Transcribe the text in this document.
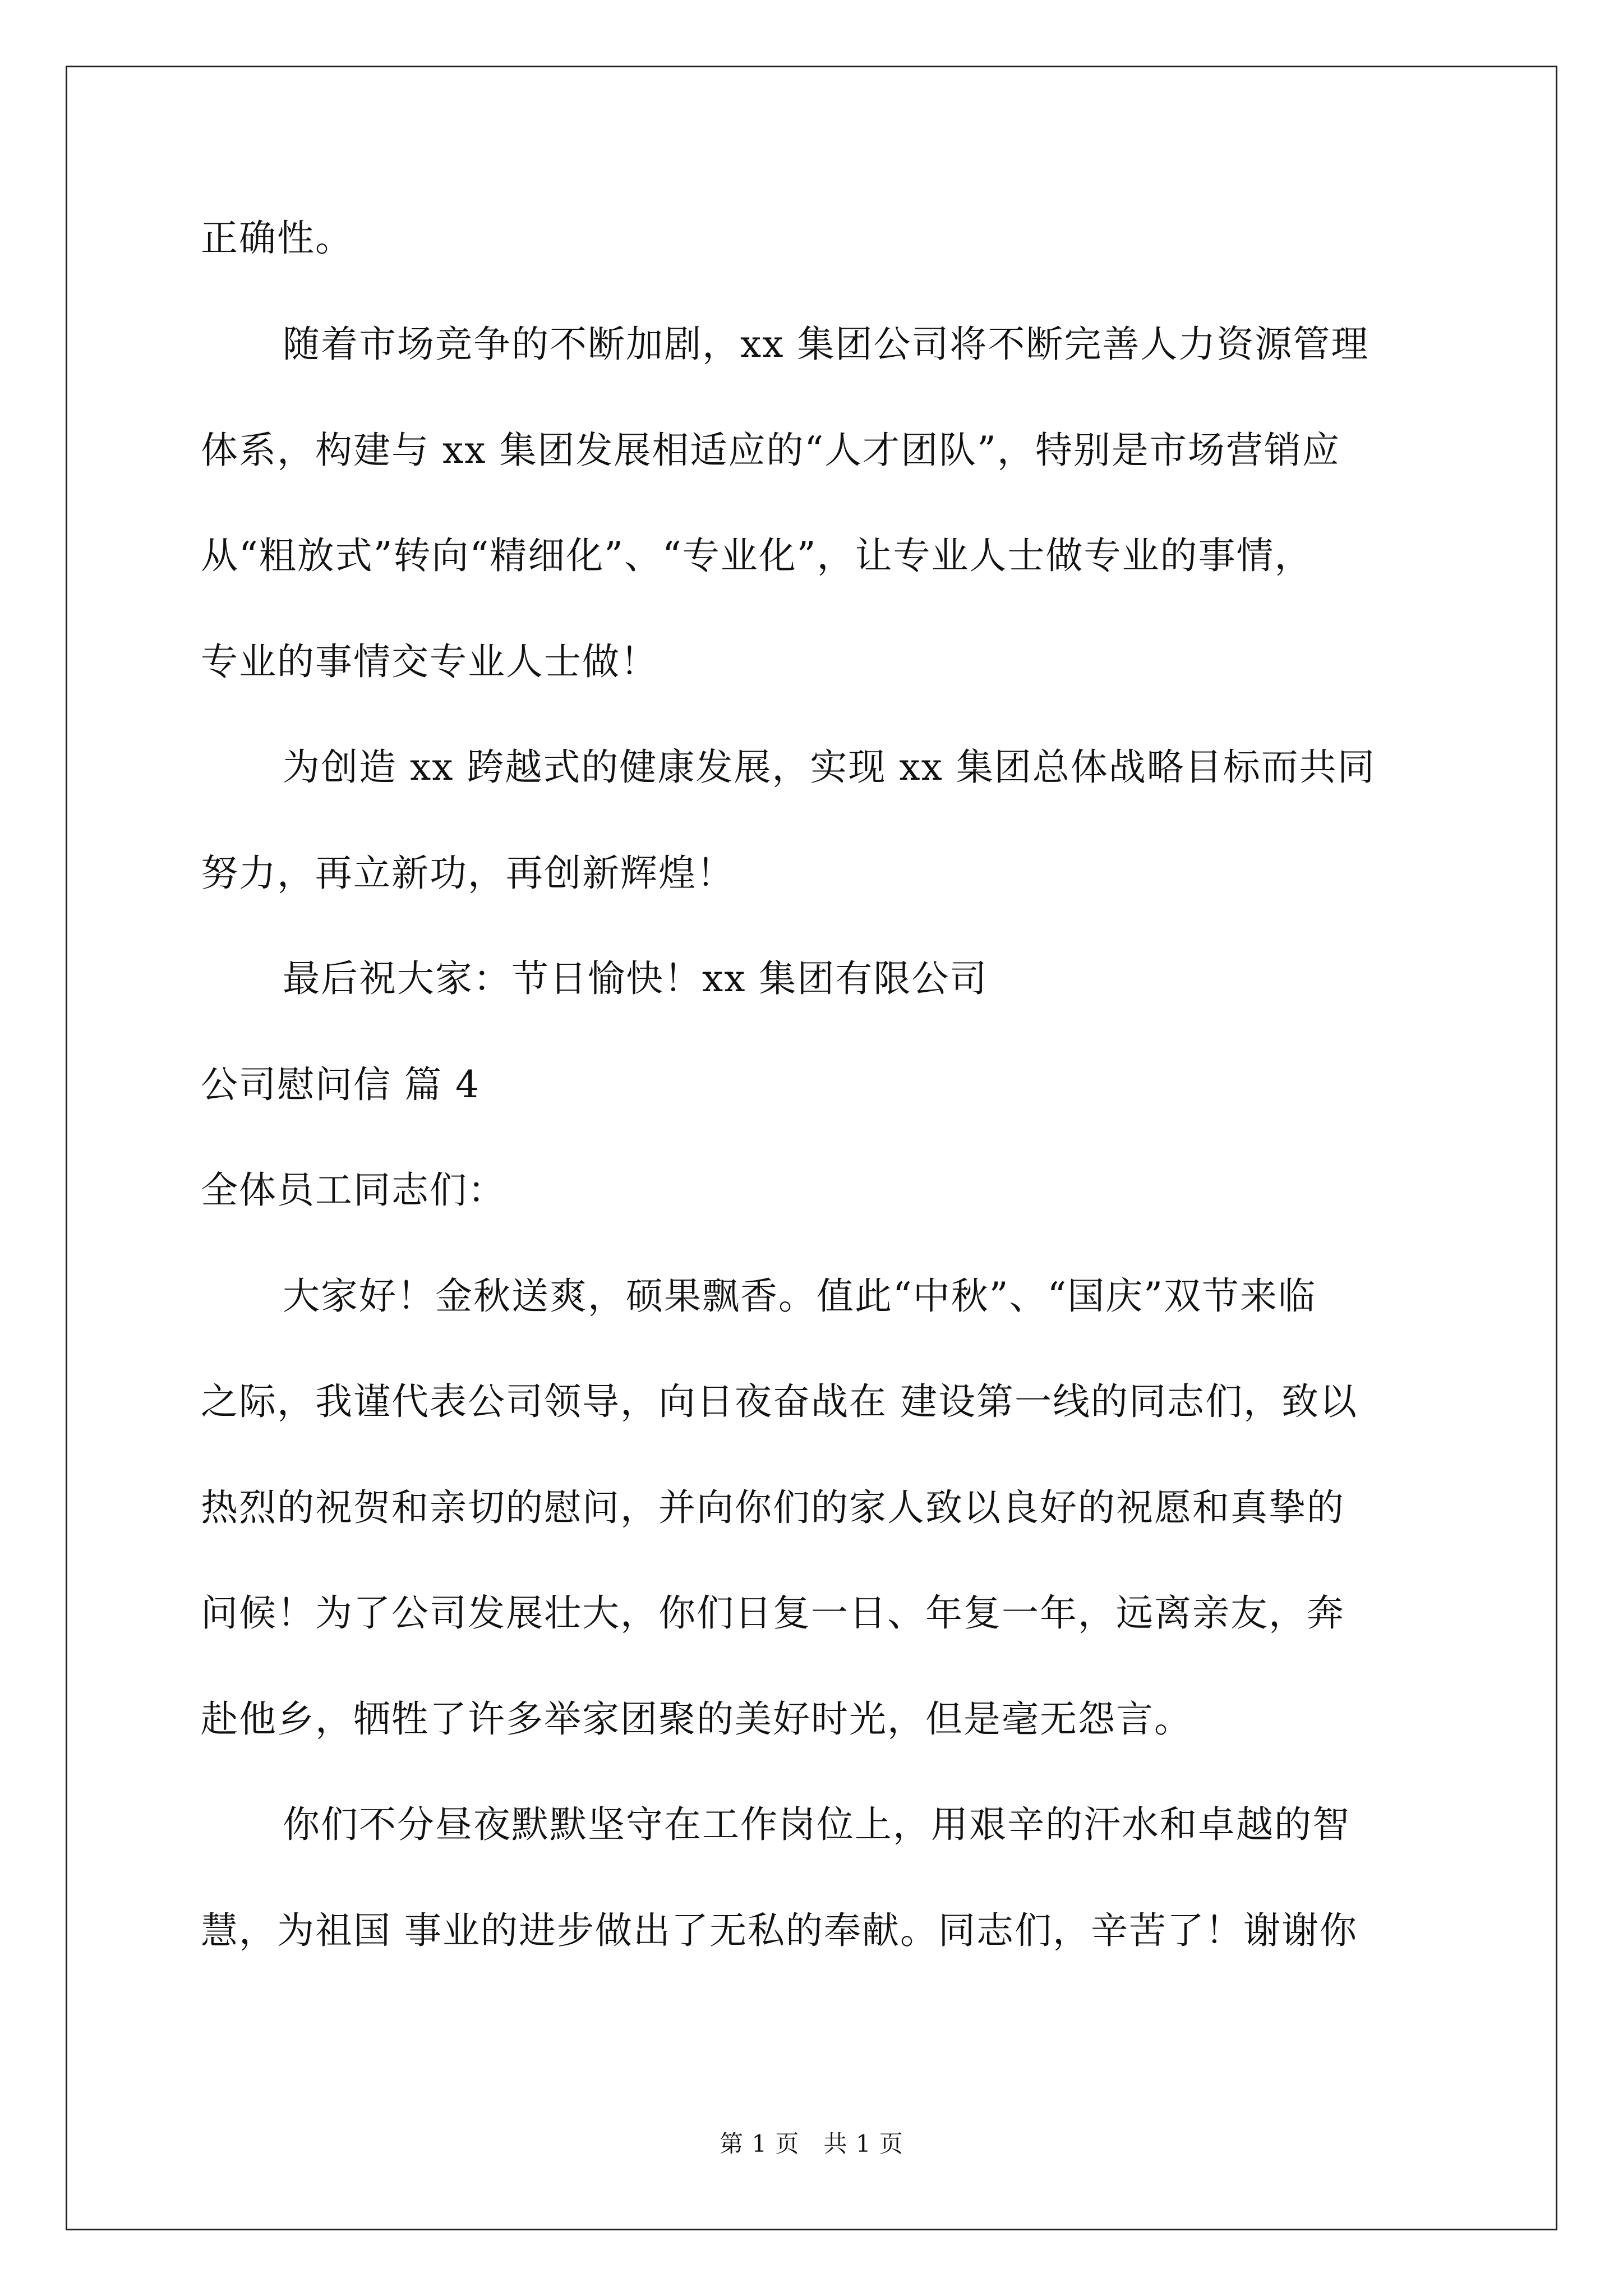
正确性。
随着市场竞争的不断加剧，xx 集团公司将不断完善人力资源管理
体系，构建与 xx 集团发展相适应的“人才团队”，特别是市场营销应
从“粗放式”转向“精细化”、“专业化”，让专业人士做专业的事情，
专业的事情交专业人士做！
为创造 xx 跨越式的健康发展，实现 xx 集团总体战略目标而共同
努力，再立新功，再创新辉煌！
最后祝大家：节日愉快！xx 集团有限公司
公司慰问信 篇 4
全体员工同志们：
大家好！金秋送爽，硕果飘香。值此“中秋”、“国庆”双节来临
之际，我谨代表公司领导，向日夜奋战在 建设第一线的同志们，致以
热烈的祝贺和亲切的慰问，并向你们的家人致以良好的祝愿和真挚的
问候！为了公司发展壮大，你们日复一日、年复一年，远离亲友，奔
赴他乡，牺牲了许多举家团聚的美好时光，但是毫无怨言。
你们不分昼夜默默坚守在工作岗位上，用艰辛的汗水和卓越的智
慧，为祖国 事业的进步做出了无私的奉献。同志们，辛苦了！谢谢你
第 1 页　共 1 页
